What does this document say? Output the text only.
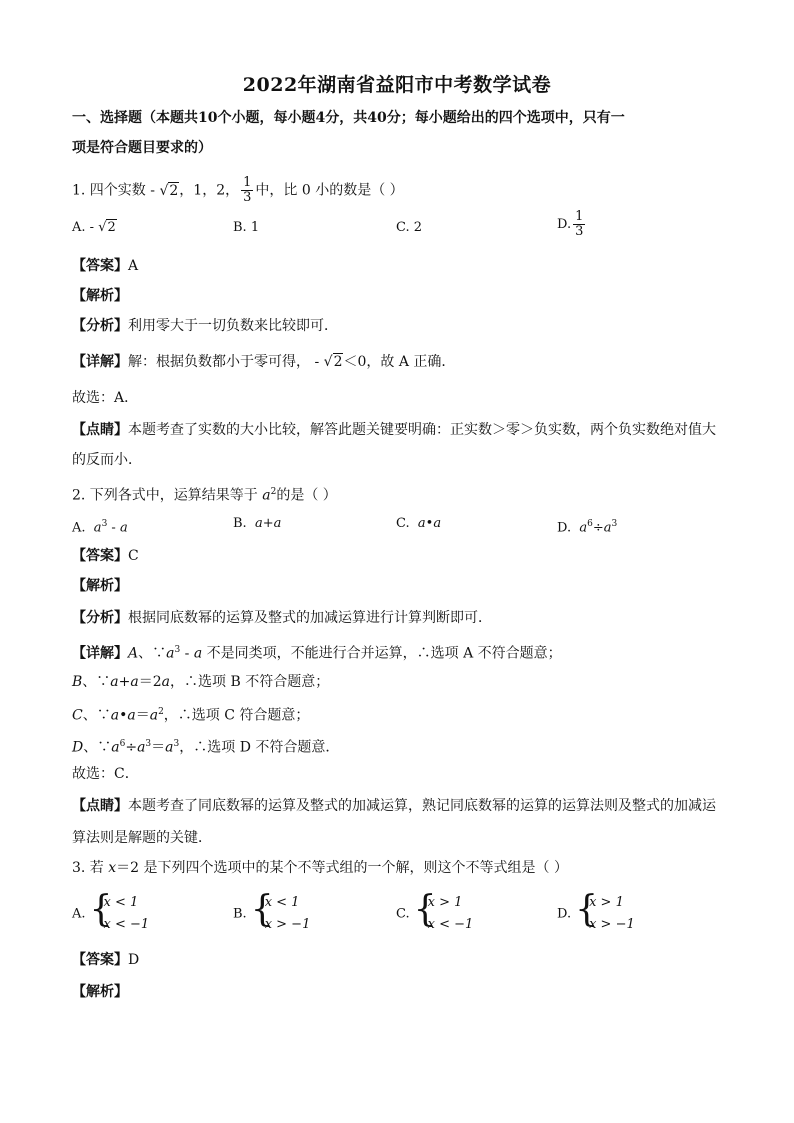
2022年湖南省益阳市中考数学试卷
一、选择题（本题共10个小题，每小题4分，共40分；每小题给出的四个选项中，只有一
项是符合题目要求的）
1. 四个实数 - √2，1，2， $\frac{1}{3}$ 中，比 0 小的数是（ ）
A. - √2	B. 1	C. 2	D. $\frac{1}{3}$
【答案】A
【解析】
【分析】利用零大于一切负数来比较即可．
【详解】解：根据负数都小于零可得， - √2＜0，故 A 正确．
故选：A．
【点睛】本题考查了实数的大小比较，解答此题关键要明确：正实数＞零＞负实数，两个负实数绝对值大
的反而小．
2. 下列各式中，运算结果等于 $a^2$的是（ ）
A. $a^3$ - a	B. a+a	C. a•a	D. $a^6\div a^3$
【答案】C
【解析】
【分析】根据同底数幂的运算及整式的加减运算进行计算判断即可．
【详解】A、$\because a^3$ - a 不是同类项，不能进行合并运算，∴选项 A 不符合题意；
B、∵a+a＝2a，∴选项 B 不符合题意；
C、$\because a•a=a^2$，∴选项 C 符合题意；
D、$\because a^6\div a^3=a^3$，∴选项 D 不符合题意．
故选：C．
【点睛】本题考查了同底数幂的运算及整式的加减运算，熟记同底数幂的运算的运算法则及整式的加减运
算法则是解题的关键．
3. 若 x＝2 是下列四个选项中的某个不等式组的一个解，则这个不等式组是（ ）
A. {
x < 1
x < −1
B. {
x < 1
x > −1
C. {
x > 1
x < −1
D. {
x > 1
x > −1
【答案】D
【解析】
